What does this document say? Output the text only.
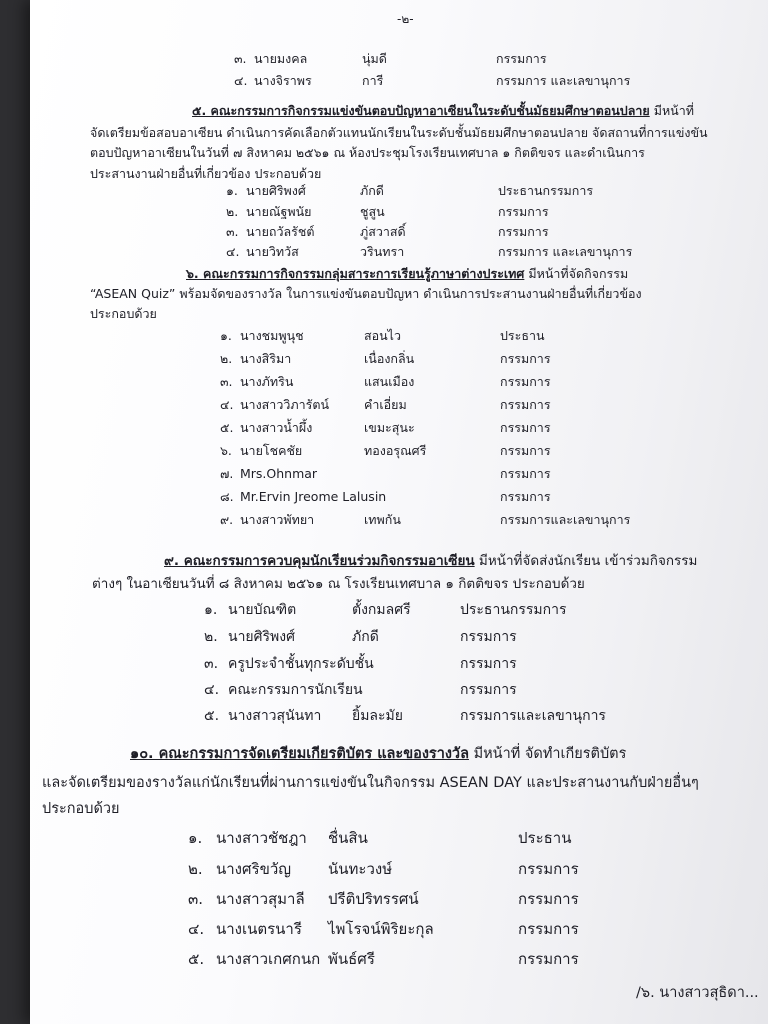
-๒-
๓. นายมงคล	นุ่มดี	กรรมการ
๔. นางจิราพร	การี	กรรมการ และเลขานุการ
๕. คณะกรรมการกิจกรรมแข่งขันตอบปัญหาอาเซียนในระดับชั้นมัธยมศึกษาตอนปลาย มีหน้าที่
จัดเตรียมข้อสอบอาเซียน ดำเนินการคัดเลือกตัวแทนนักเรียนในระดับชั้นมัธยมศึกษาตอนปลาย จัดสถานที่การแข่งขัน
ตอบปัญหาอาเซียนในวันที่ ๗ สิงหาคม ๒๕๖๑ ณ ห้องประชุมโรงเรียนเทศบาล ๑ กิตติขจร และดำเนินการ
ประสานงานฝ่ายอื่นที่เกี่ยวข้อง ประกอบด้วย
๑. นายศิริพงศ์	ภักดี	ประธานกรรมการ
๒. นายณัฐพนัย	ชูสูน	กรรมการ
๓. นายถวัลรัชต์	ภู่สวาสดิ์	กรรมการ
๔. นายวิทวัส	วรินทรา	กรรมการ และเลขานุการ
๖. คณะกรรมการกิจกรรมกลุ่มสาระการเรียนรู้ภาษาต่างประเทศ มีหน้าที่จัดกิจกรรม
“ASEAN Quiz” พร้อมจัดของรางวัล ในการแข่งขันตอบปัญหา ดำเนินการประสานงานฝ่ายอื่นที่เกี่ยวข้อง
ประกอบด้วย
๑. นางชมพูนุช	สอนไว	ประธาน
๒. นางสิริมา	เนื่องกลิ่น	กรรมการ
๓. นางภัทริน	แสนเมือง	กรรมการ
๔. นางสาววิภารัตน์	คำเอี่ยม	กรรมการ
๕. นางสาวน้ำผึ้ง	เขมะสุนะ	กรรมการ
๖. นายโชคชัย	ทองอรุณศรี	กรรมการ
๗. Mrs.Ohnmar	กรรมการ
๘. Mr.Ervin Jreome Lalusin	กรรมการ
๙. นางสาวพัทยา	เทพกัน	กรรมการและเลขานุการ
๙. คณะกรรมการควบคุมนักเรียนร่วมกิจกรรมอาเซียน มีหน้าที่จัดส่งนักเรียน เข้าร่วมกิจกรรม
ต่างๆ ในอาเซียนวันที่ ๘ สิงหาคม ๒๕๖๑ ณ โรงเรียนเทศบาล ๑ กิตติขจร ประกอบด้วย
๑. นายบัณฑิต	ตั้งกมลศรี	ประธานกรรมการ
๒. นายศิริพงศ์	ภักดี	กรรมการ
๓. ครูประจำชั้นทุกระดับชั้น	กรรมการ
๔. คณะกรรมการนักเรียน	กรรมการ
๕. นางสาวสุนันทา ยิ้มละมัย	กรรมการและเลขานุการ
๑๐. คณะกรรมการจัดเตรียมเกียรติบัตร และของรางวัล มีหน้าที่ จัดทำเกียรติบัตร
และจัดเตรียมของรางวัลแก่นักเรียนที่ผ่านการแข่งขันในกิจกรรม ASEAN DAY และประสานงานกับฝ่ายอื่นๆ
ประกอบด้วย
๑. นางสาวชัชฎา ชื่นสิน	ประธาน
๒. นางศริขวัญ นันทะวงษ์	กรรมการ
๓. นางสาวสุมาลี ปรีติปริทรรศน์	กรรมการ
๔. นางเนตรนารี ไพโรจน์พิริยะกุล	กรรมการ
๕. นางสาวเกศกนก พันธ์ศรี	กรรมการ
/๖. นางสาวสุธิดา...
